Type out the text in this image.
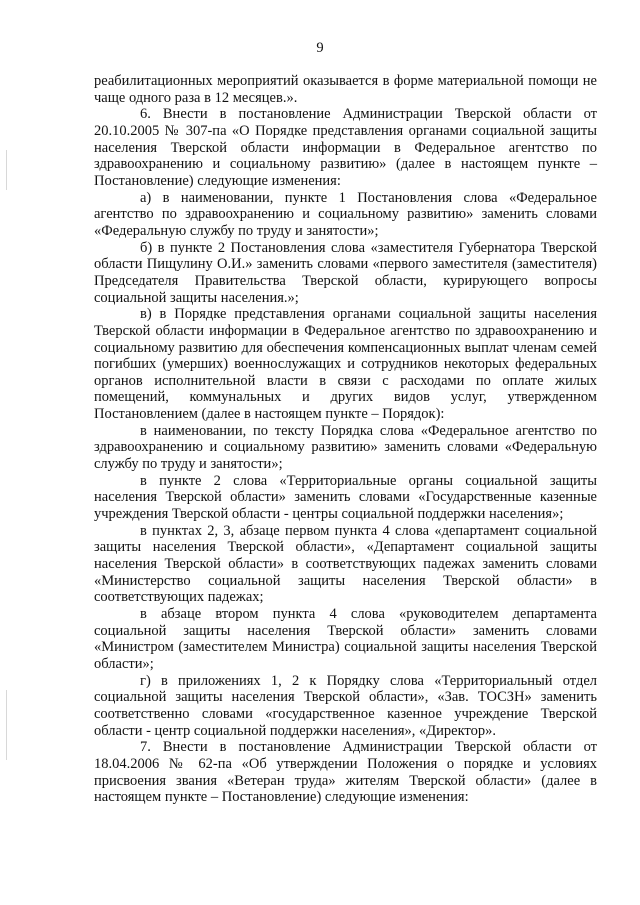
9

реабилитационных мероприятий оказывается в форме материальной помощи не чаще одного раза в 12 месяцев.».

6. Внести в постановление Администрации Тверской области от 20.10.2005 № 307-па «О Порядке представления органами социальной защиты населения Тверской области информации в Федеральное агентство по здравоохранению и социальному развитию» (далее в настоящем пункте – Постановление) следующие изменения:

а) в наименовании, пункте 1 Постановления слова «Федеральное агентство по здравоохранению и социальному развитию» заменить словами «Федеральную службу по труду и занятости»;

б) в пункте 2 Постановления слова «заместителя Губернатора Тверской области Пищулину О.И.» заменить словами «первого заместителя (заместителя) Председателя Правительства Тверской области, курирующего вопросы социальной защиты населения.»;

в) в Порядке представления органами социальной защиты населения Тверской области информации в Федеральное агентство по здравоохранению и социальному развитию для обеспечения компенсационных выплат членам семей погибших (умерших) военнослужащих и сотрудников некоторых федеральных органов исполнительной власти в связи с расходами по оплате жилых помещений, коммунальных и других видов услуг, утвержденном Постановлением (далее в настоящем пункте – Порядок):

в наименовании, по тексту Порядка слова «Федеральное агентство по здравоохранению и социальному развитию» заменить словами «Федеральную службу по труду и занятости»;

в пункте 2 слова «Территориальные органы социальной защиты населения Тверской области» заменить словами «Государственные казенные учреждения Тверской области - центры социальной поддержки населения»;

в пунктах 2, 3, абзаце первом пункта 4 слова «департамент социальной защиты населения Тверской области», «Департамент социальной защиты населения Тверской области» в соответствующих падежах заменить словами «Министерство социальной защиты населения Тверской области» в соответствующих падежах;

в абзаце втором пункта 4 слова «руководителем департамента социальной защиты населения Тверской области» заменить словами «Министром (заместителем Министра) социальной защиты населения Тверской области»;

г) в приложениях 1, 2 к Порядку слова «Территориальный отдел социальной защиты населения Тверской области», «Зав. ТОСЗН» заменить соответственно словами «государственное казенное учреждение Тверской области - центр социальной поддержки населения», «Директор».

7. Внести в постановление Администрации Тверской области от 18.04.2006 № 62-па «Об утверждении Положения о порядке и условиях присвоения звания «Ветеран труда» жителям Тверской области» (далее в настоящем пункте – Постановление) следующие изменения:
